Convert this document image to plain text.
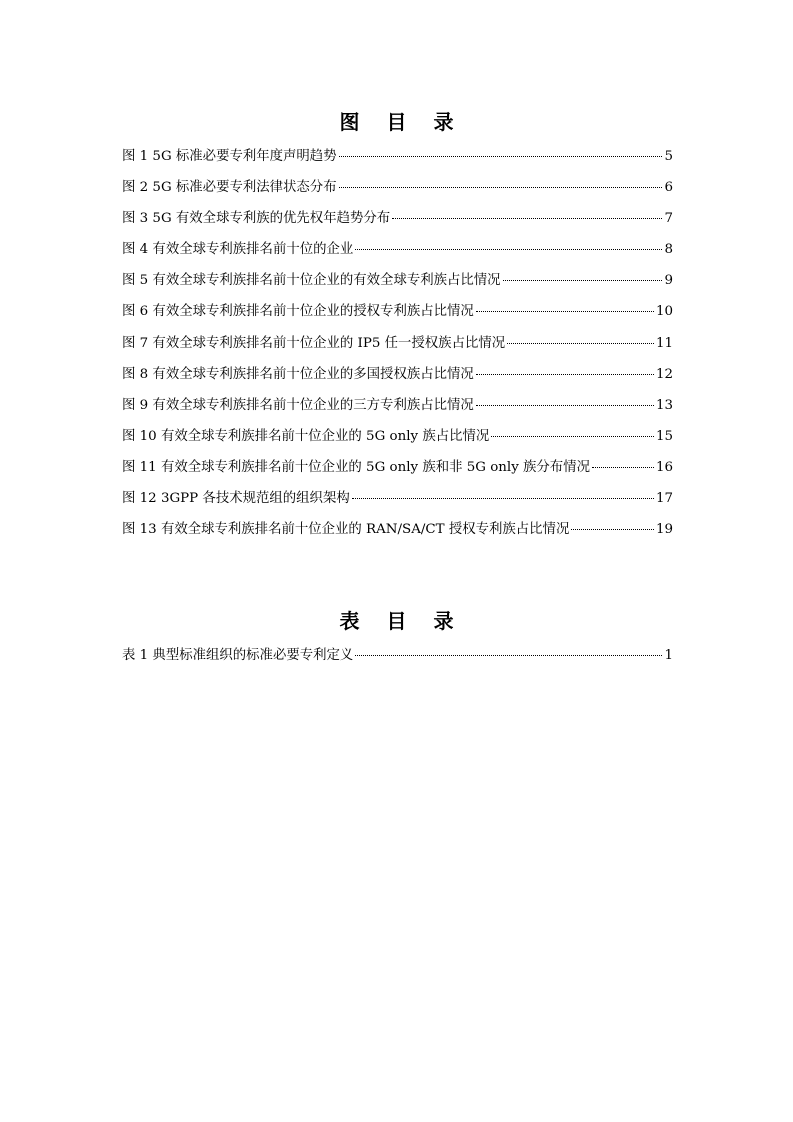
图 目 录
图 1 5G 标准必要专利年度声明趋势	5
图 2 5G 标准必要专利法律状态分布	6
图 3 5G 有效全球专利族的优先权年趋势分布	7
图 4 有效全球专利族排名前十位的企业	8
图 5 有效全球专利族排名前十位企业的有效全球专利族占比情况	9
图 6 有效全球专利族排名前十位企业的授权专利族占比情况	10
图 7 有效全球专利族排名前十位企业的 IP5 任一授权族占比情况	11
图 8 有效全球专利族排名前十位企业的多国授权族占比情况	12
图 9 有效全球专利族排名前十位企业的三方专利族占比情况	13
图 10 有效全球专利族排名前十位企业的 5G only 族占比情况	15
图 11 有效全球专利族排名前十位企业的 5G only 族和非 5G only 族分布情况	16
图 12 3GPP 各技术规范组的组织架构	17
图 13 有效全球专利族排名前十位企业的 RAN/SA/CT 授权专利族占比情况	19
表 目 录
表 1 典型标准组织的标准必要专利定义	1
